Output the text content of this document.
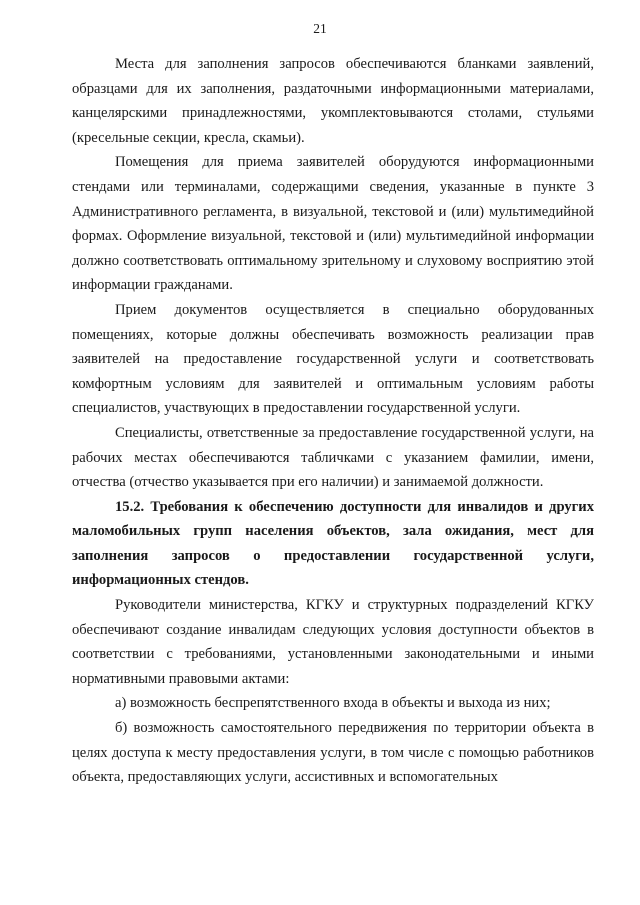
21

Места для заполнения запросов обеспечиваются бланками заявлений, образцами для их заполнения, раздаточными информационными материалами, канцелярскими принадлежностями, укомплектовываются столами, стульями (кресельные секции, кресла, скамьи).

Помещения для приема заявителей оборудуются информационными стендами или терминалами, содержащими сведения, указанные в пункте 3 Административного регламента, в визуальной, текстовой и (или) мультимедийной формах. Оформление визуальной, текстовой и (или) мультимедийной информации должно соответствовать оптимальному зрительному и слуховому восприятию этой информации гражданами.

Прием документов осуществляется в специально оборудованных помещениях, которые должны обеспечивать возможность реализации прав заявителей на предоставление государственной услуги и соответствовать комфортным условиям для заявителей и оптимальным условиям работы специалистов, участвующих в предоставлении государственной услуги.

Специалисты, ответственные за предоставление государственной услуги, на рабочих местах обеспечиваются табличками с указанием фамилии, имени, отчества (отчество указывается при его наличии) и занимаемой должности.

15.2. Требования к обеспечению доступности для инвалидов и других маломобильных групп населения объектов, зала ожидания, мест для заполнения запросов о предоставлении государственной услуги, информационных стендов.

Руководители министерства, КГКУ и структурных подразделений КГКУ обеспечивают создание инвалидам следующих условия доступности объектов в соответствии с требованиями, установленными законодательными и иными нормативными правовыми актами:

а) возможность беспрепятственного входа в объекты и выхода из них;

б) возможность самостоятельного передвижения по территории объекта в целях доступа к месту предоставления услуги, в том числе с помощью работников объекта, предоставляющих услуги, ассистивных и вспомогательных
